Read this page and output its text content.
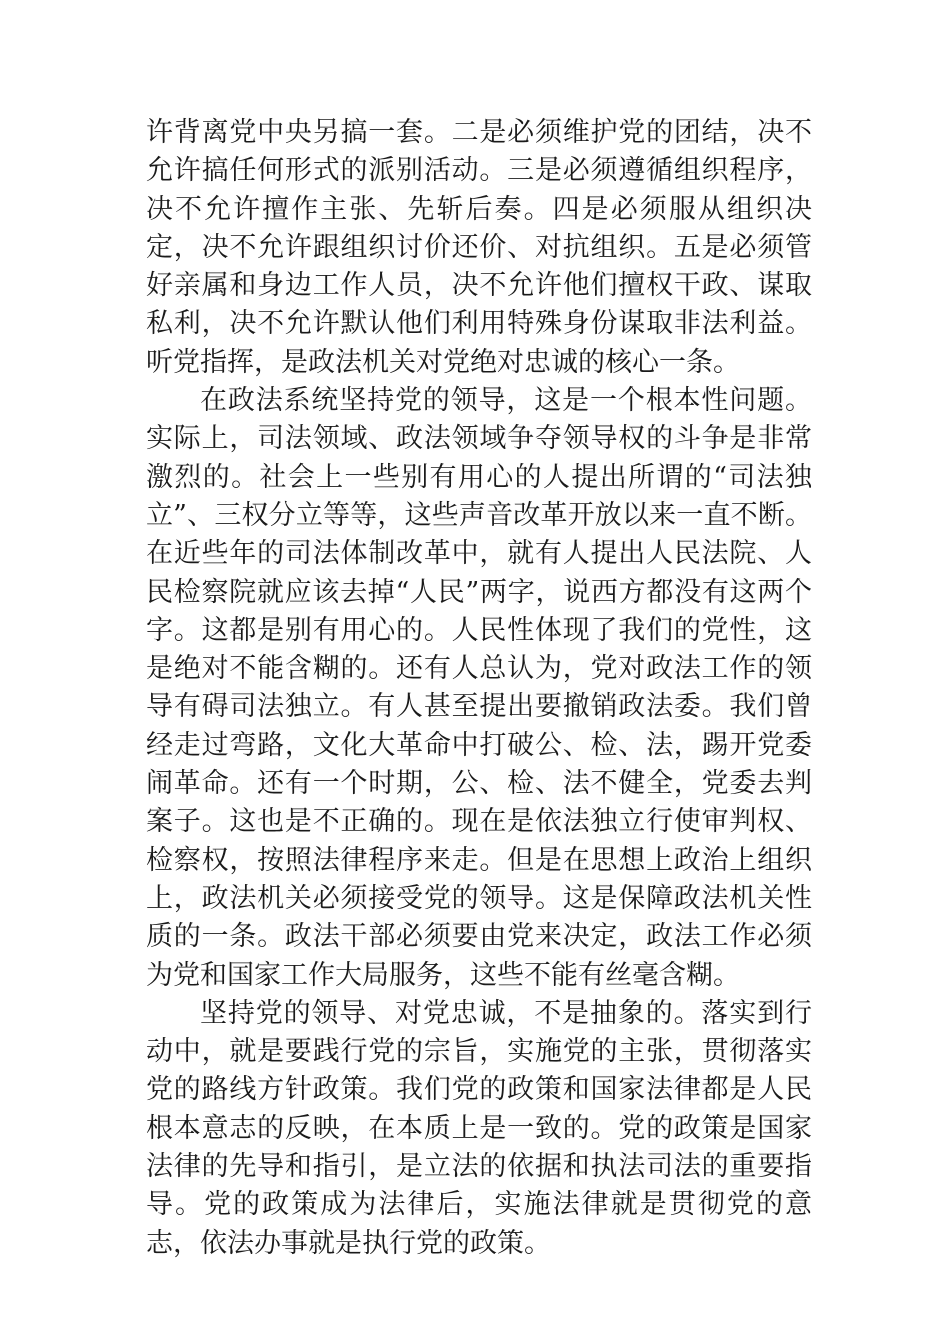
许背离党中央另搞一套。二是必须维护党的团结，决不允许搞任何形式的派别活动。三是必须遵循组织程序，决不允许擅作主张、先斩后奏。四是必须服从组织决定，决不允许跟组织讨价还价、对抗组织。五是必须管好亲属和身边工作人员，决不允许他们擅权干政、谋取私利，决不允许默认他们利用特殊身份谋取非法利益。听党指挥，是政法机关对党绝对忠诚的核心一条。

在政法系统坚持党的领导，这是一个根本性问题。实际上，司法领域、政法领域争夺领导权的斗争是非常激烈的。社会上一些别有用心的人提出所谓的“司法独立”、三权分立等等，这些声音改革开放以来一直不断。在近些年的司法体制改革中，就有人提出人民法院、人民检察院就应该去掉“人民”两字，说西方都没有这两个字。这都是别有用心的。人民性体现了我们的党性，这是绝对不能含糊的。还有人总认为，党对政法工作的领导有碍司法独立。有人甚至提出要撤销政法委。我们曾经走过弯路，文化大革命中打破公、检、法，踢开党委闹革命。还有一个时期，公、检、法不健全，党委去判案子。这也是不正确的。现在是依法独立行使审判权、检察权，按照法律程序来走。但是在思想上政治上组织上，政法机关必须接受党的领导。这是保障政法机关性质的一条。政法干部必须要由党来决定，政法工作必须为党和国家工作大局服务，这些不能有丝毫含糊。

坚持党的领导、对党忠诚，不是抽象的。落实到行动中，就是要践行党的宗旨，实施党的主张，贯彻落实党的路线方针政策。我们党的政策和国家法律都是人民根本意志的反映，在本质上是一致的。党的政策是国家法律的先导和指引，是立法的依据和执法司法的重要指导。党的政策成为法律后，实施法律就是贯彻党的意志，依法办事就是执行党的政策。
